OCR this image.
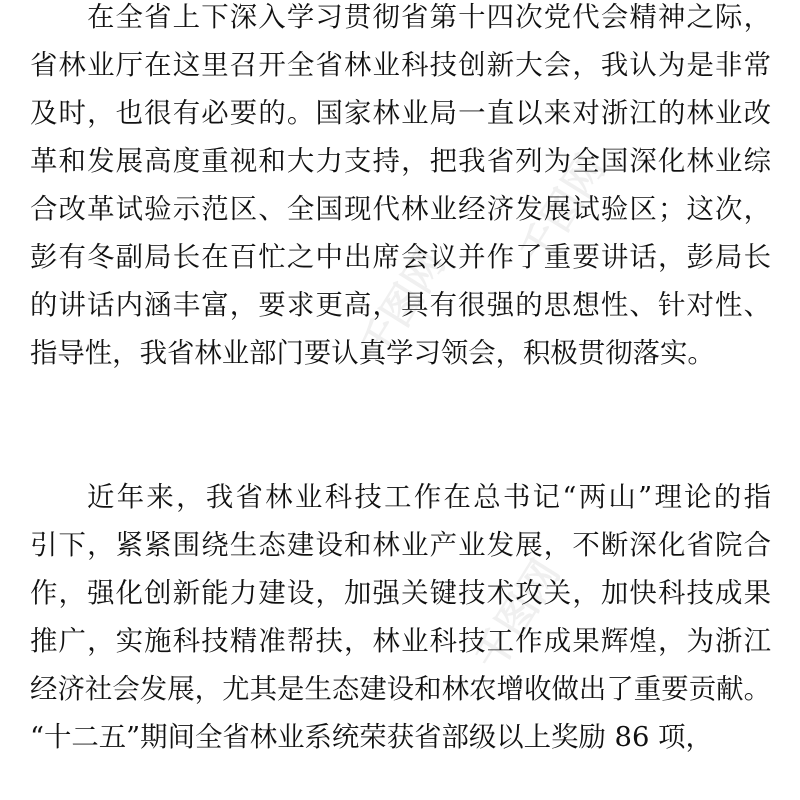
千图网
千图网
千图网
在全省上下深入学习贯彻省第十四次党代会精神之际，
省林业厅在这里召开全省林业科技创新大会，我认为是非常
及时，也很有必要的。国家林业局一直以来对浙江的林业改
革和发展高度重视和大力支持，把我省列为全国深化林业综
合改革试验示范区、全国现代林业经济发展试验区；这次，
彭有冬副局长在百忙之中出席会议并作了重要讲话，彭局长
的讲话内涵丰富，要求更高，具有很强的思想性、针对性、
指导性，我省林业部门要认真学习领会，积极贯彻落实。
近年来，我省林业科技工作在总书记“两山”理论的指
引下，紧紧围绕生态建设和林业产业发展，不断深化省院合
作，强化创新能力建设，加强关键技术攻关，加快科技成果
推广，实施科技精准帮扶，林业科技工作成果辉煌，为浙江
经济社会发展，尤其是生态建设和林农增收做出了重要贡献。
“十二五”期间全省林业系统荣获省部级以上奖励 86 项，
